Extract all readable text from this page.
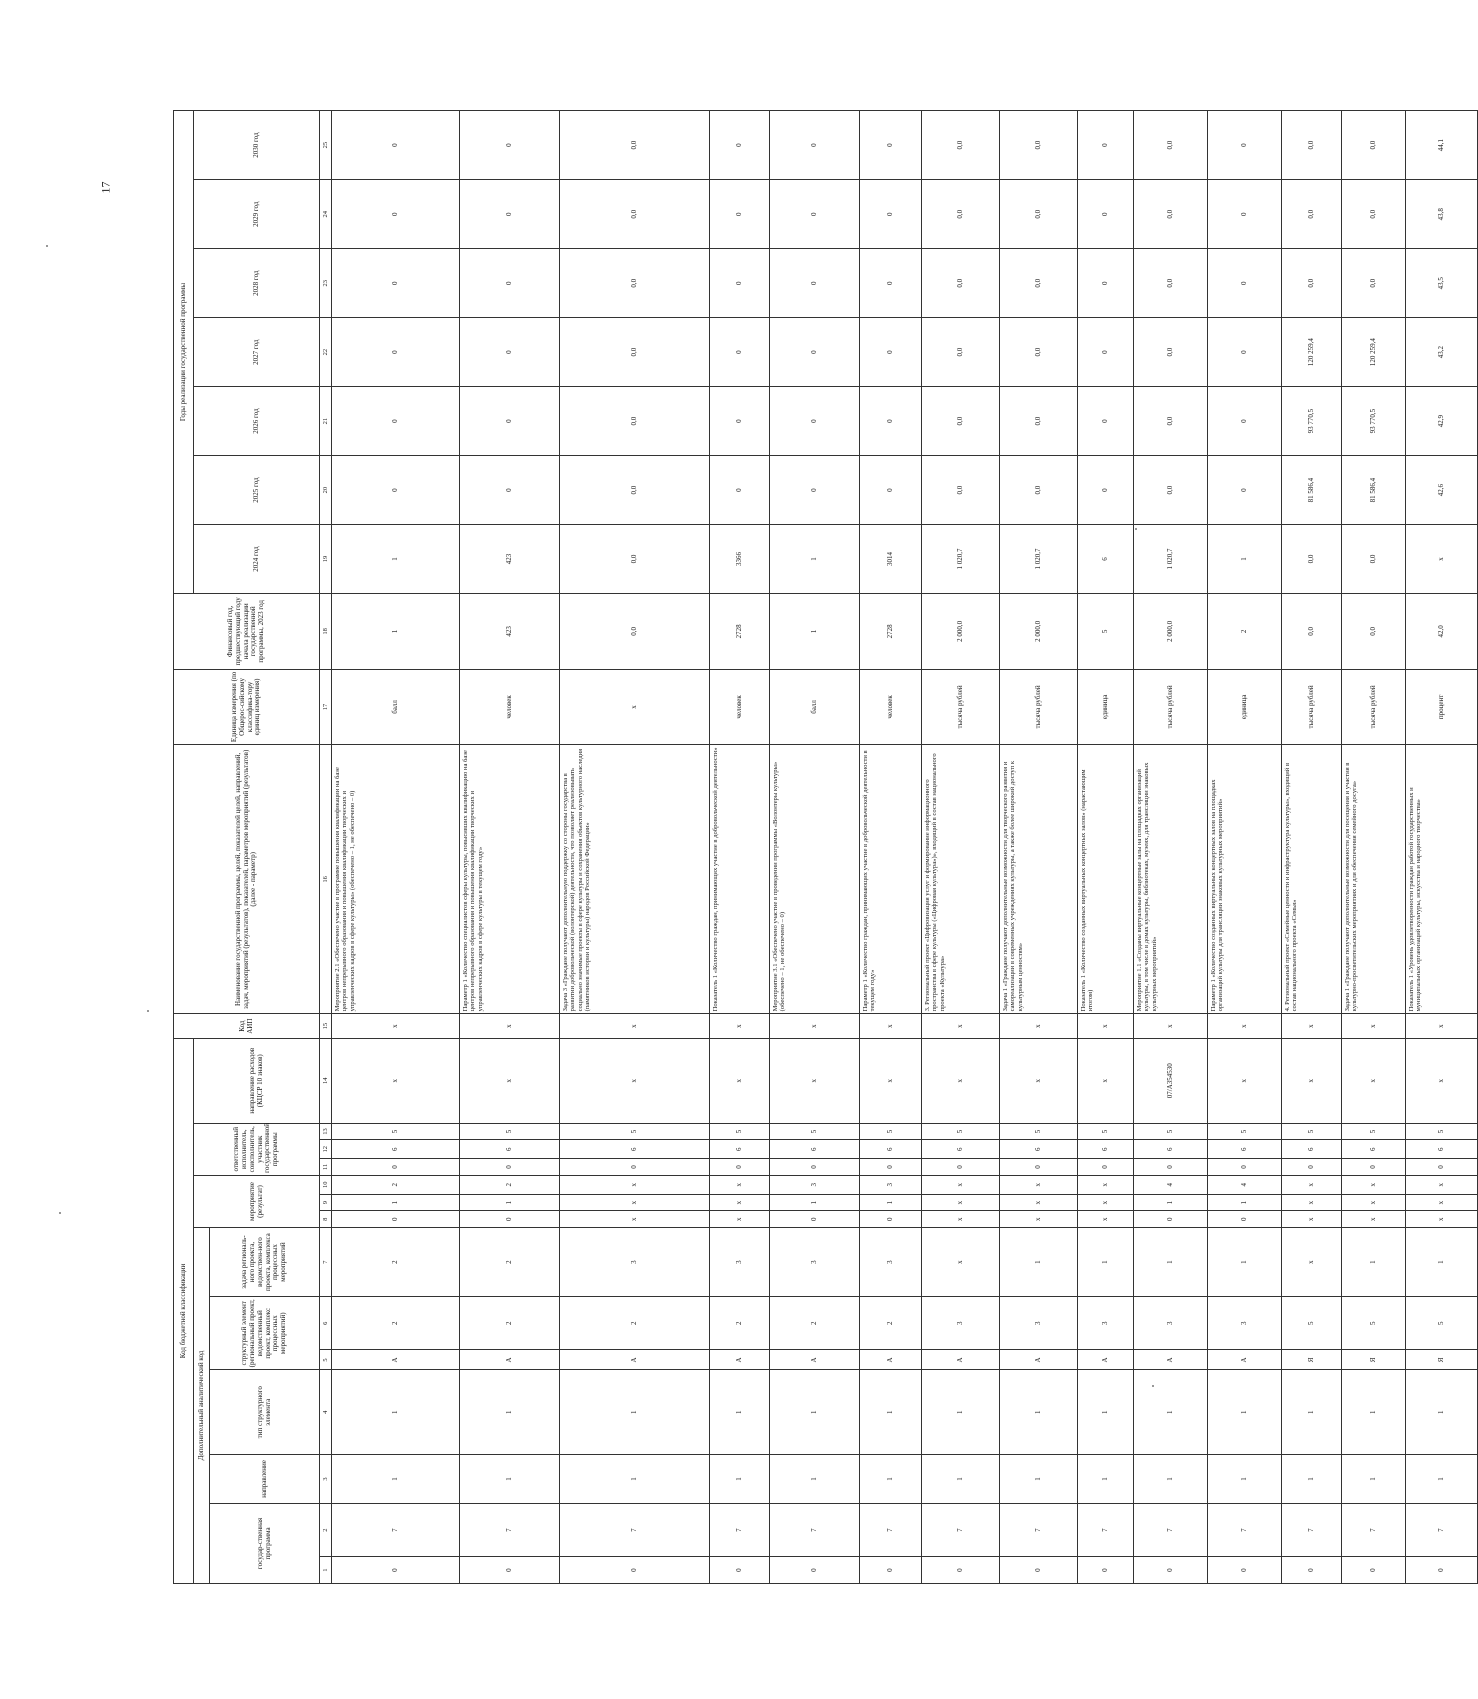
17
Код бюджетной классификации														Код АИП	Наименование государственной программы, целей, показателей целей, направлений, задач, мероприятий (результатов), показателей, параметров мероприятий (результатов) (далее - параметр)	Единица измерения (по Общерос-сийскому классифика-тору единиц измерения)	Финансовый год, предшествующий году начала реализации государственной программы, 2023 год	Годы реализации государственной программы						
Дополнительный аналитический код							мероприятие (результат)			ответственный исполнитель, соисполнитель, участник государственной программы			направление расходов (КЦСР 10 знаков)					2024 год	2025 год	2026 год	2027 год	2028 год	2029 год	2030 год
государ-ственная программа		направление	тип структурного элемента	структурный элемент (региональный проект, ведомственный проект, комплекс процессных мероприятий)		задача региональ-ного проекта, ведомствен-ного проекта, комплекса процессных мероприятий																		
1	2	3	4	5	6	7	8	9	10	11	12	13	14	15	16	17	18	19	20	21	22	23	24	25
0	7	1	1	А	2	2	0	1	2	0	6	5	x	x	Мероприятие 2.1 «Обеспечено участие в программе повышения квалификации на базе центров непрерывного образования и повышения квалификации творческих и управленческих кадров в сфере культуры» (обеспечено – 1, не обеспечено – 0)	балл	1	1	0	0	0	0	0	0
0	7	1	1	А	2	2	0	1	2	0	6	5	x	x	Параметр 1 «Количество специалистов сферы культуры, повысивших квалификацию на базе центров непрерывного образования и повышения квалификации творческих и управленческих кадров в сфере культуры в текущем году»	человек	423	423	0	0	0	0	0	0
0	7	1	1	А	2	3	x	x	x	0	6	5	x	x	Задача 3 «Граждане получают дополнительную поддержку со стороны государства в развитии добровольческой (волонтерской) деятельности, что позволяет реализовывать социально значимые проекты в сфере культуры и сохранения объектов культурного наследия (памятников истории и культуры) народов Российской Федерации»	x	0,0	0,0	0,0	0,0	0,0	0,0	0,0	0,0
0	7	1	1	А	2	3	x	x	x	0	6	5	x	x	Показатель 1 «Количество граждан, принимающих участие в добровольческой деятельности»	человек	2728	3366	0	0	0	0	0	0
0	7	1	1	А	2	3	0	1	3	0	6	5	x	x	Мероприятие 3.1 «Обеспечено участие в проведении программы «Волонтеры культуры» (обеспечено – 1, не обеспечено – 0)	балл	1	1	0	0	0	0	0	0
0	7	1	1	А	2	3	0	1	3	0	6	5	x	x	Параметр 1 «Количество граждан, принимающих участие в добровольческой деятельности в текущем году»	человек	2728	3014	0	0	0	0	0	0
0	7	1	1	А	3	x	x	x	x	0	6	5	x	x	3. Региональный проект «Цифровизация услуг и формирование информационного пространства в сфере культуры («Цифровая культура»)», входящий в состав национального проекта «Культура»	тысяча рублей	2 000,0	1 020,7	0,0	0,0	0,0	0,0	0,0	0,0
0	7	1	1	А	3	1	x	x	x	0	6	5	x	x	Задача 1 «Граждане получают дополнительные возможности для творческого развития и самореализации в современных учреждениях культуры, а также более широкий доступ к культурным ценностям»	тысяча рублей	2 000,0	1 020,7	0,0	0,0	0,0	0,0	0,0	0,0
0	7	1	1	А	3	1	x	x	x	0	6	5	x	x	Показатель 1 «Количество созданных виртуальных концертных залов» (нарастающим итогом)	единица	5	6	0	0	0	0	0	0
0	7	1	1	А	3	1	0	1	4	0	6	5	07/А354530	x	Мероприятие 1.1 «Созданы виртуальные концертные залы на площадках организаций культуры, в том числе в домах культуры, библиотеках, музеях, для трансляции знаковых культурных мероприятий»	тысяча рублей	2 000,0	1 020,7	0,0	0,0	0,0	0,0	0,0	0,0
0	7	1	1	А	3	1	0	1	4	0	6	5	x	x	Параметр 1 «Количество созданных виртуальных концертных залов на площадках организаций культуры для трансляции знаковых культурных мероприятий»	единица	2	1	0	0	0	0	0	0
0	7	1	1	Я	5	x	x	x	x	0	6	5	x	x	4. Региональный проект «Семейные ценности и инфраструктура культуры», входящий в состав национального проекта «Семья»	тысяча рублей	0,0	0,0	81 586,4	93 770,5	120 259,4	0,0	0,0	0,0
0	7	1	1	Я	5	1	x	x	x	0	6	5	x	x	Задача 1 «Граждане получают дополнительные возможности для посещения и участия в культурно-просветительских мероприятиях и для обеспечения семейного досуга»	тысяча рублей	0,0	0,0	81 586,4	93 770,5	120 259,4	0,0	0,0	0,0
0	7	1	1	Я	5	1	x	x	x	0	6	5	x	x	Показатель 1 «Уровень удовлетворенности граждан работой государственных и муниципальных организаций культуры, искусства и народного творчества»	процент	42,0	x	42,6	42,9	43,2	43,5	43,8	44,1
